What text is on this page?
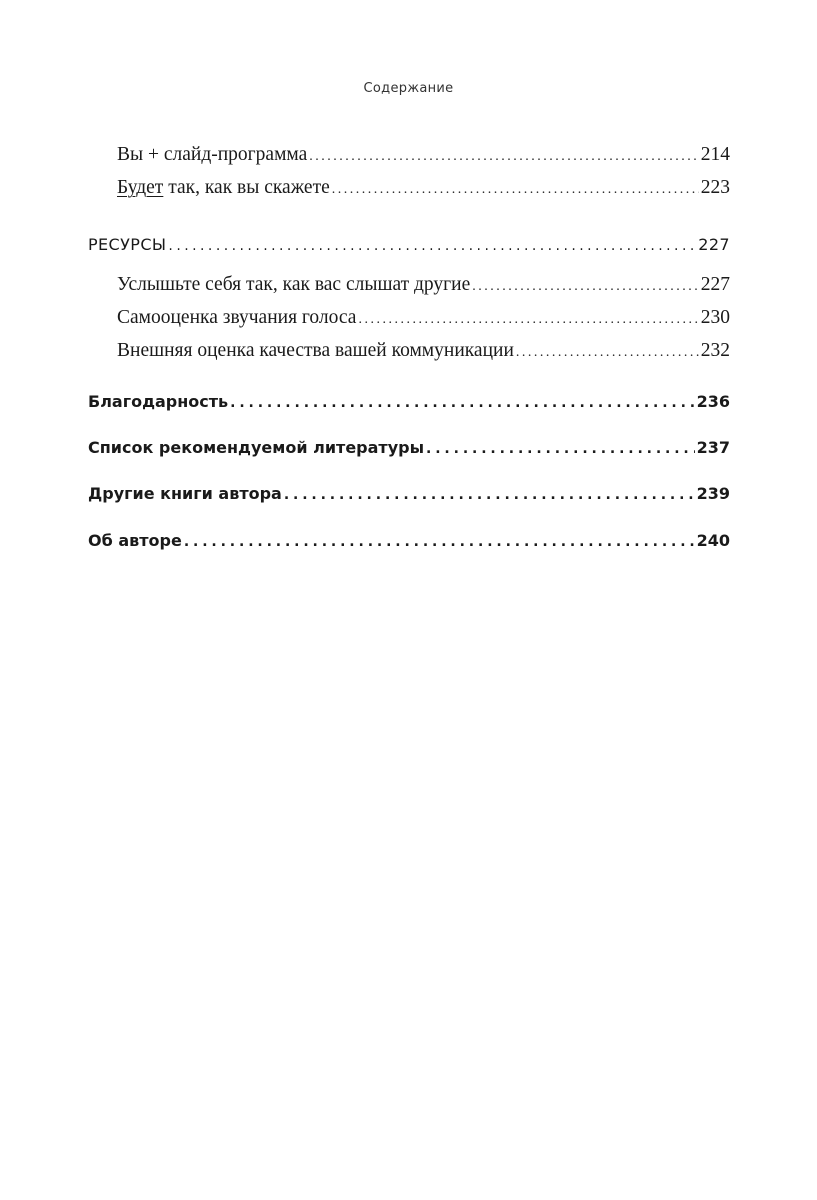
Содержание
Вы + слайд-программа . . .	214
Будет так, как вы скажете . . .	223
РЕСУРСЫ . . .	227
Услышьте себя так, как вас слышат другие . . .	227
Самооценка звучания голоса . . .	230
Внешняя оценка качества вашей коммуникации . . .	232
Благодарность . . .	236
Список рекомендуемой литературы . . .	237
Другие книги автора . . .	239
Об авторе . . .	240
